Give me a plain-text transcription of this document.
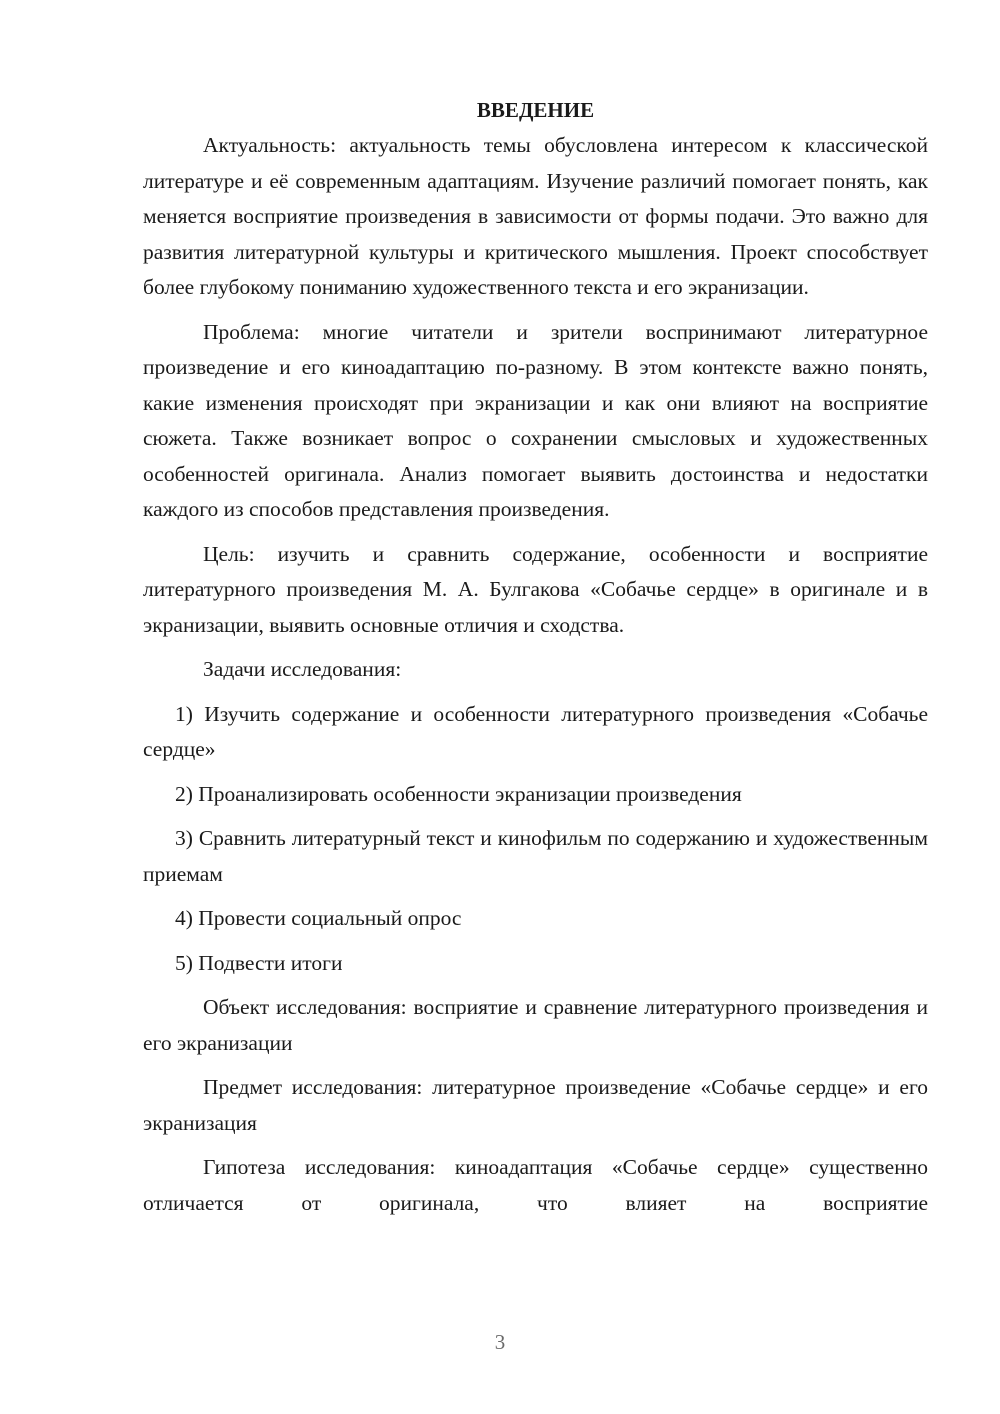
ВВЕДЕНИЕ

Актуальность: актуальность темы обусловлена интересом к классической литературе и её современным адаптациям. Изучение различий помогает понять, как меняется восприятие произведения в зависимости от формы подачи. Это важно для развития литературной культуры и критического мышления. Проект способствует более глубокому пониманию художественного текста и его экранизации.

Проблема: многие читатели и зрители воспринимают литературное произведение и его киноадаптацию по-разному. В этом контексте важно понять, какие изменения происходят при экранизации и как они влияют на восприятие сюжета. Также возникает вопрос о сохранении смысловых и художественных особенностей оригинала. Анализ помогает выявить достоинства и недостатки каждого из способов представления произведения.

Цель: изучить и сравнить содержание, особенности и восприятие литературного произведения М. А. Булгакова «Собачье сердце» в оригинале и в экранизации, выявить основные отличия и сходства.

Задачи исследования:

1) Изучить содержание и особенности литературного произведения «Собачье сердце»

2) Проанализировать особенности экранизации произведения

3) Сравнить литературный текст и кинофильм по содержанию и художественным приемам

4) Провести социальный опрос

5) Подвести итоги

Объект исследования: восприятие и сравнение литературного произведения и его экранизации

Предмет исследования: литературное произведение «Собачье сердце» и его экранизация

Гипотеза исследования: киноадаптация «Собачье сердце» существенно отличается от оригинала, что влияет на восприятие

3
